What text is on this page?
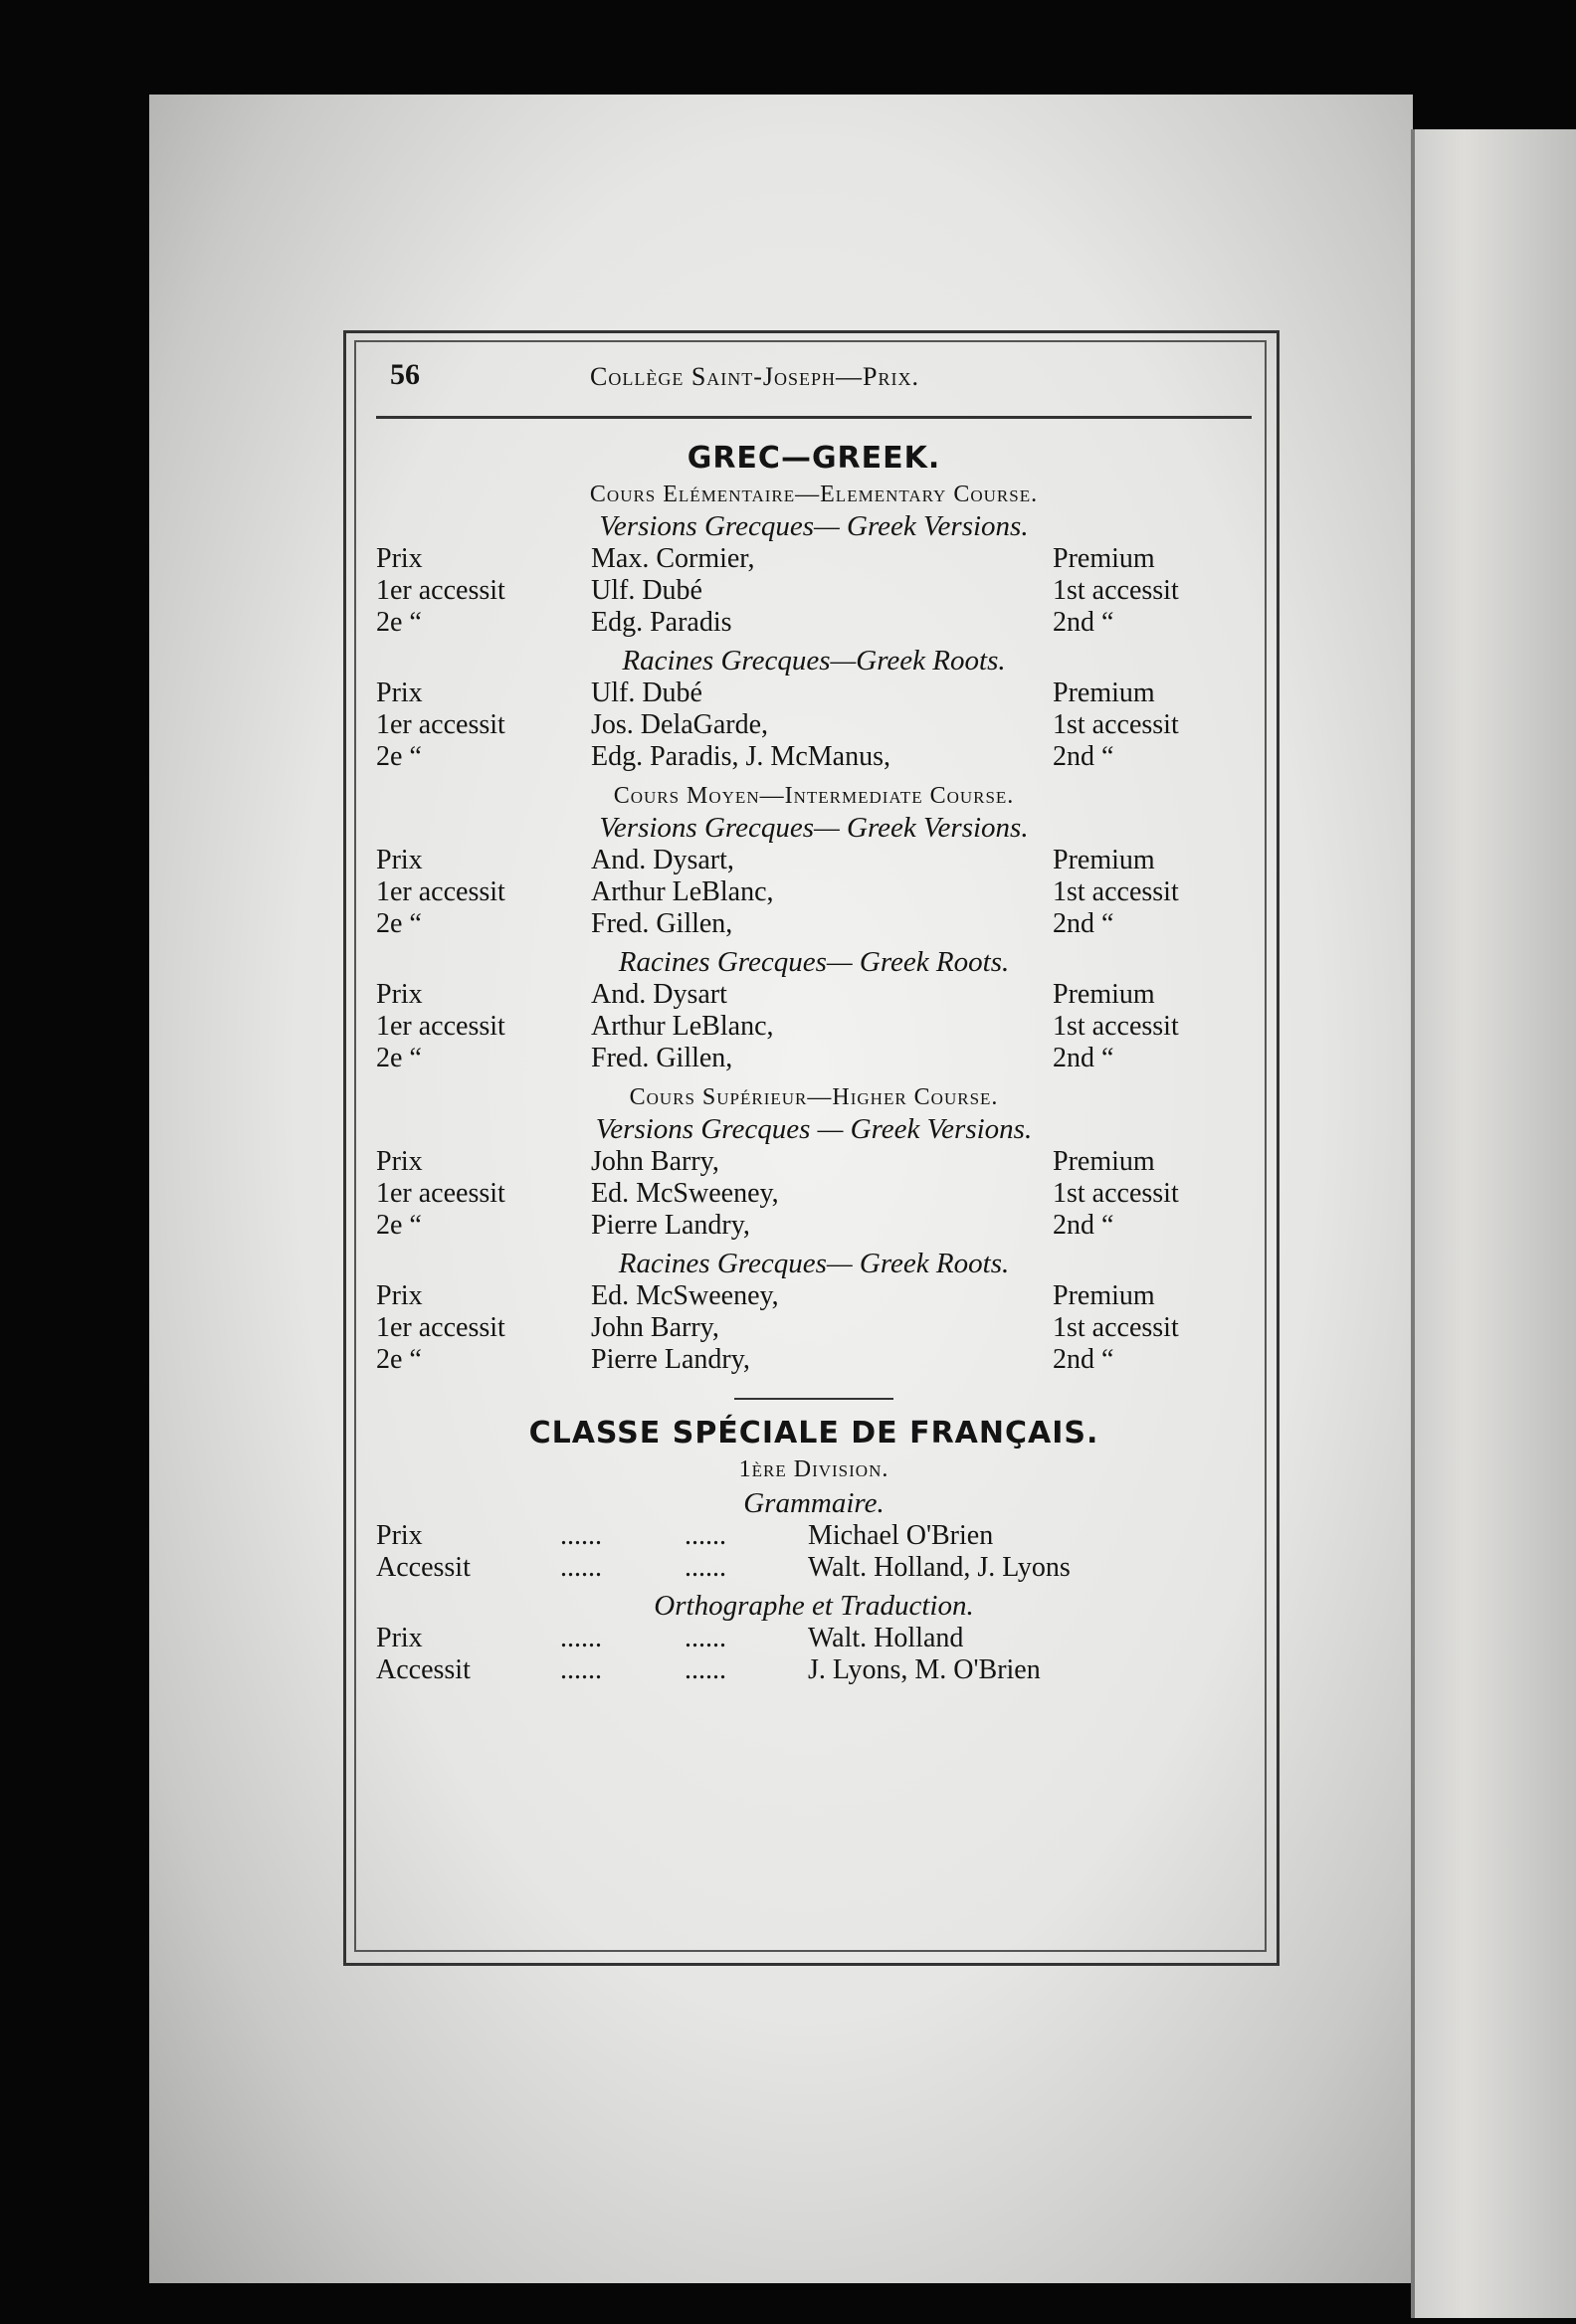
56	Collège Saint-Joseph—Prix.
GREC—GREEK.
Cours Elémentaire—Elementary Course.
Versions Grecques— Greek Versions.
Prix	Max. Cormier,	Premium
1er accessit	Ulf. Dubé	1st accessit
2e “	Edg. Paradis	2nd “
Racines Grecques—Greek Roots.
Prix	Ulf. Dubé	Premium
1er accessit	Jos. DelaGarde,	1st accessit
2e “	Edg. Paradis, J. McManus,	2nd “
Cours Moyen—Intermediate Course.
Versions Grecques— Greek Versions.
Prix	And. Dysart,	Premium
1er accessit	Arthur LeBlanc,	1st accessit
2e “	Fred. Gillen,	2nd “
Racines Grecques— Greek Roots.
Prix	And. Dysart	Premium
1er accessit	Arthur LeBlanc,	1st accessit
2e “	Fred. Gillen,	2nd “
Cours Supérieur—Higher Course.
Versions Grecques — Greek Versions.
Prix	John Barry,	Premium
1er aceessit	Ed. McSweeney,	1st accessit
2e “	Pierre Landry,	2nd “
Racines Grecques— Greek Roots.
Prix	Ed. McSweeney,	Premium
1er accessit	John Barry,	1st accessit
2e “	Pierre Landry,	2nd “
CLASSE SPÉCIALE DE FRANÇAIS.
1ère Division.
Grammaire.
Prix	......	......	Michael O'Brien
Accessit	......	......	Walt. Holland, J. Lyons
Orthographe et Traduction.
Prix	......	......	Walt. Holland
Accessit	......	......	J. Lyons, M. O'Brien
